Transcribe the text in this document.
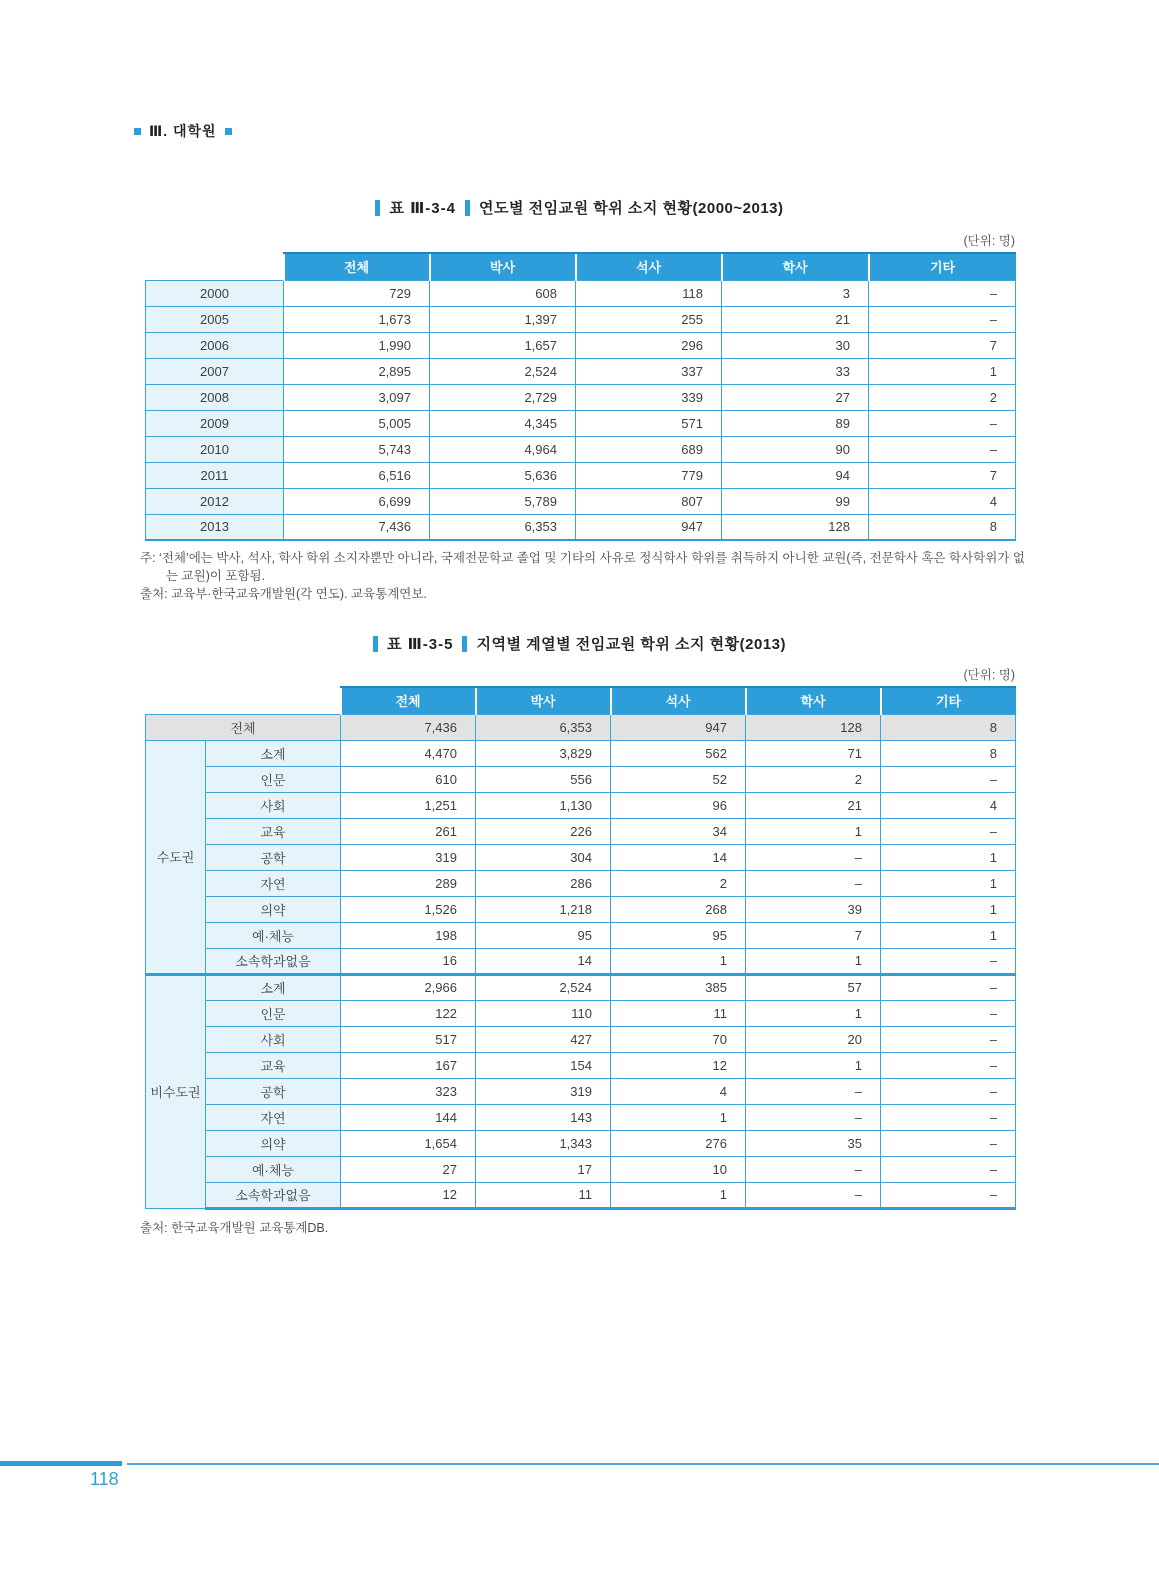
Ⅲ. 대학원
표 Ⅲ-3-4 연도별 전임교원 학위 소지 현황(2000~2013)
(단위: 명)
	전체	박사	석사	학사	기타
2000	729	608	118	3	–
2005	1,673	1,397	255	21	–
2006	1,990	1,657	296	30	7
2007	2,895	2,524	337	33	1
2008	3,097	2,729	339	27	2
2009	5,005	4,345	571	89	–
2010	5,743	4,964	689	90	–
2011	6,516	5,636	779	94	7
2012	6,699	5,789	807	99	4
2013	7,436	6,353	947	128	8
주: ‘전체’에는 박사, 석사, 학사 학위 소지자뿐만 아니라, 국제전문학교 졸업 및 기타의 사유로 정식학사 학위를 취득하지 아니한 교원(즉, 전문학사 혹은 학사학위가 없는 교원)이 포함됨.
출처: 교육부·한국교육개발원(각 연도). 교육통계연보.
표 Ⅲ-3-5 지역별 계열별 전임교원 학위 소지 현황(2013)
(단위: 명)
		전체	박사	석사	학사	기타
전체		7,436	6,353	947	128	8
수도권	소계	4,470	3,829	562	71	8
	인문	610	556	52	2	–
	사회	1,251	1,130	96	21	4
	교육	261	226	34	1	–
	공학	319	304	14	–	1
	자연	289	286	2	–	1
	의약	1,526	1,218	268	39	1
	예·체능	198	95	95	7	1
	소속학과없음	16	14	1	1	–
비수도권	소계	2,966	2,524	385	57	–
	인문	122	110	11	1	–
	사회	517	427	70	20	–
	교육	167	154	12	1	–
	공학	323	319	4	–	–
	자연	144	143	1	–	–
	의약	1,654	1,343	276	35	–
	예·체능	27	17	10	–	–
	소속학과없음	12	11	1	–	–
출처: 한국교육개발원 교육통계DB.
118
